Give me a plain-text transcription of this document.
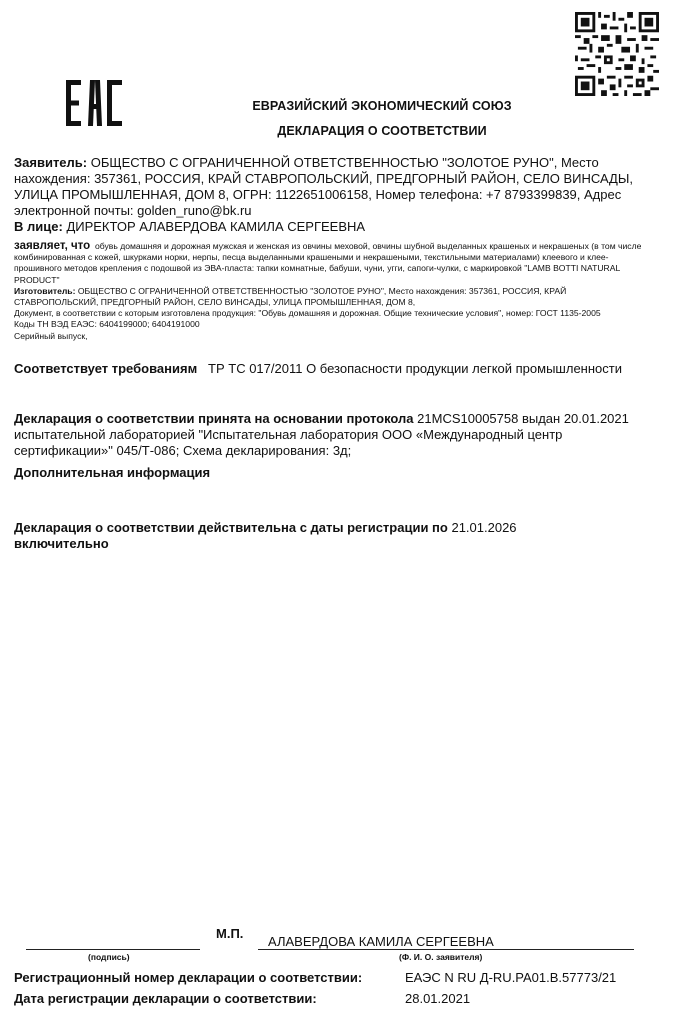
ЕВРАЗИЙСКИЙ ЭКОНОМИЧЕСКИЙ СОЮЗ
ДЕКЛАРАЦИЯ О СООТВЕТСТВИИ
Заявитель: ОБЩЕСТВО С ОГРАНИЧЕННОЙ ОТВЕТСТВЕННОСТЬЮ "ЗОЛОТОЕ РУНО", Место нахождения: 357361, РОССИЯ, КРАЙ СТАВРОПОЛЬСКИЙ, ПРЕДГОРНЫЙ РАЙОН, СЕЛО ВИНСАДЫ, УЛИЦА ПРОМЫШЛЕННАЯ, ДОМ 8, ОГРН: 1122651006158, Номер телефона: +7 8793399839, Адрес электронной почты: golden_runo@bk.ru
В лице: ДИРЕКТОР АЛАВЕРДОВА КАМИЛА СЕРГЕЕВНА
заявляет, что обувь домашняя и дорожная мужская и женская из овчины меховой, овчины шубной выделанных крашеных и некрашеных (в том числе комбинированная с кожей, шкурками норки, нерпы, песца выделанными крашеными и некрашеными, текстильными материалами) клеевого и клее- прошивного методов крепления с подошвой из ЭВА-пласта: тапки комнатные, бабуши, чуни, угги, сапоги-чулки, с маркировкой "LAMB BOTTI NATURAL PRODUCT"
Изготовитель: ОБЩЕСТВО С ОГРАНИЧЕННОЙ ОТВЕТСТВЕННОСТЬЮ "ЗОЛОТОЕ РУНО", Место нахождения: 357361, РОССИЯ, КРАЙ СТАВРОПОЛЬСКИЙ, ПРЕДГОРНЫЙ РАЙОН, СЕЛО ВИНСАДЫ, УЛИЦА ПРОМЫШЛЕННАЯ, ДОМ 8,
Документ, в соответствии с которым изготовлена продукция: "Обувь домашняя и дорожная. Общие технические условия", номер: ГОСТ 1135-2005
Коды ТН ВЭД ЕАЭС: 6404199000; 6404191000
Серийный выпуск,
Соответствует требованиям ТР ТС 017/2011 О безопасности продукции легкой промышленности
Декларация о соответствии принята на основании протокола 21MCS10005758 выдан 20.01.2021 испытательной лабораторией "Испытательная лаборатория ООО «Международный центр сертификации»" 045/Т-086; Схема декларирования: 3д;
Дополнительная информация
Декларация о соответствии действительна с даты регистрации по 21.01.2026
включительно
М.П.
АЛАВЕРДОВА КАМИЛА СЕРГЕЕВНА
(подпись)	(Ф. И. О. заявителя)
Регистрационный номер декларации о соответствии:	ЕАЭС N RU Д-RU.PA01.B.57773/21
Дата регистрации декларации о соответствии:	28.01.2021
